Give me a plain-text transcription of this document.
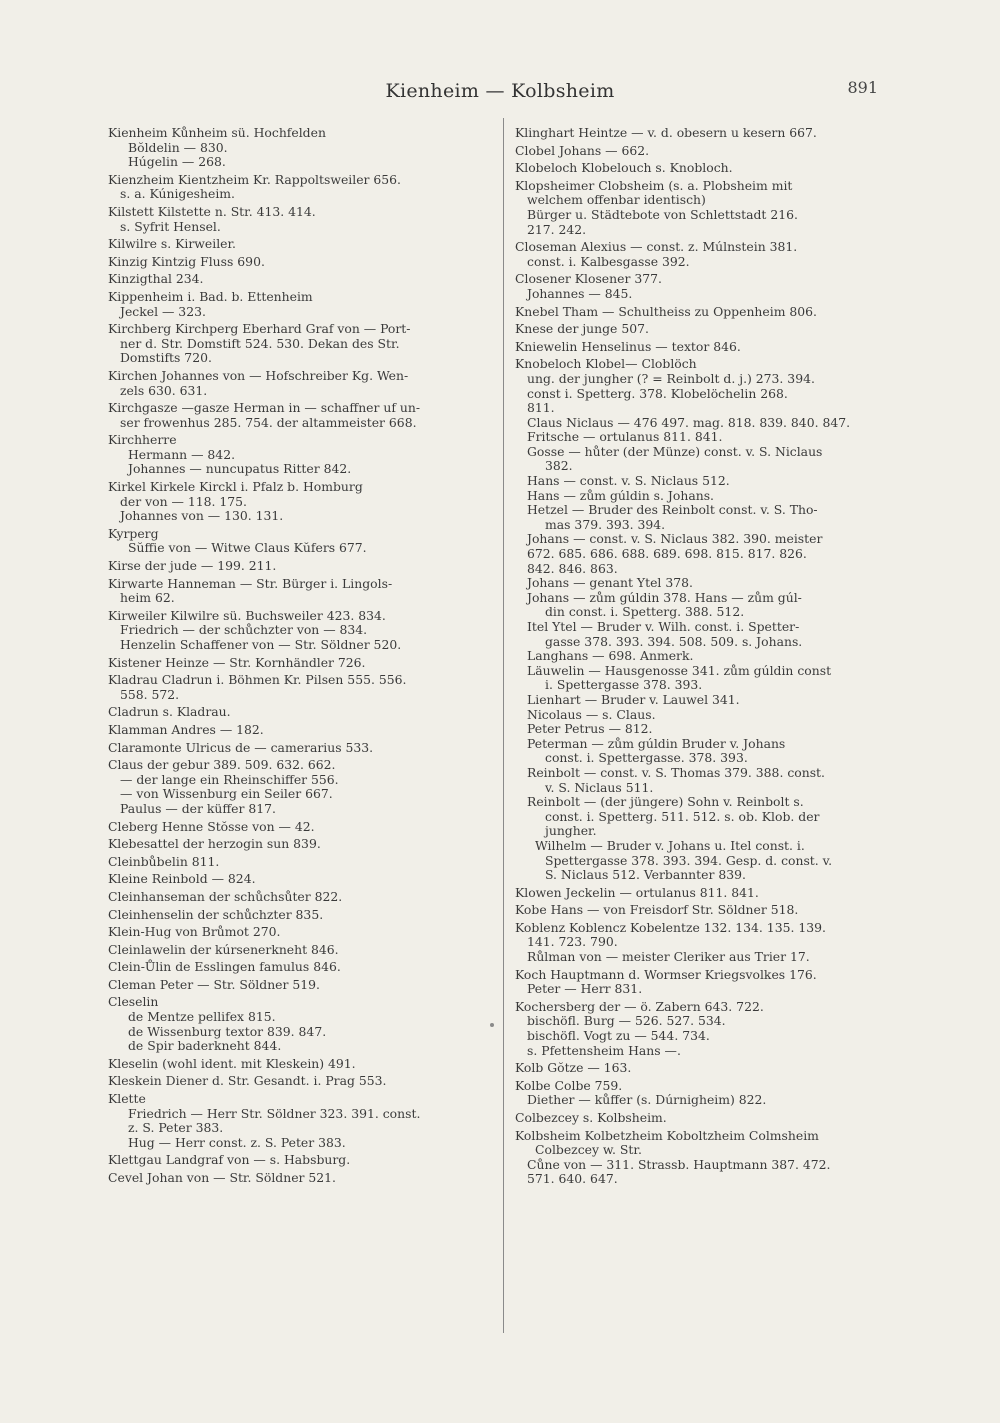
Kienheim — Kolbsheim	891
Kienheim Kůnheim sü. Hochfelden
Bŏldelin — 830.
Húgelin — 268.
Kienzheim Kientzheim Kr. Rappoltsweiler 656.
s. a. Kúnigesheim.
Kilstett Kilstette n. Str. 413. 414.
s. Syfrit Hensel.
Kilwilre s. Kirweiler.
Kinzig Kintzig Fluss 690.
Kinzigthal 234.
Kippenheim i. Bad. b. Ettenheim
Jeckel — 323.
Kirchberg Kirchperg Eberhard Graf von — Port-
ner d. Str. Domstift 524. 530. Dekan des Str.
Domstifts 720.
Kirchen Johannes von — Hofschreiber Kg. Wen-
zels 630. 631.
Kirchgasze —gasze Herman in — schaffner uf un-
ser frowenhus 285. 754. der altammeister 668.
Kirchherre
Hermann — 842.
Johannes — nuncupatus Ritter 842.
Kirkel Kirkele Kirckl i. Pfalz b. Homburg
der von — 118. 175.
Johannes von — 130. 131.
Kyrperg
Sŭffie von — Witwe Claus Kŭfers 677.
Kirse der jude — 199. 211.
Kirwarte Hanneman — Str. Bürger i. Lingols-
heim 62.
Kirweiler Kilwilre sü. Buchsweiler 423. 834.
Friedrich — der schůchzter von — 834.
Henzelin Schaffener von — Str. Söldner 520.
Kistener Heinze — Str. Kornhändler 726.
Kladrau Cladrun i. Böhmen Kr. Pilsen 555. 556.
558. 572.
Cladrun s. Kladrau.
Klamman Andres — 182.
Claramonte Ulricus de — camerarius 533.
Claus der gebur 389. 509. 632. 662.
— der lange ein Rheinschiffer 556.
— von Wissenburg ein Seiler 667.
Paulus — der küffer 817.
Cleberg Henne Stŏsse von — 42.
Klebesattel der herzogin sun 839.
Cleinbůbelin 811.
Kleine Reinbold — 824.
Cleinhanseman der schůchsůter 822.
Cleinhenselin der schůchzter 835.
Klein-Hug von Brůmot 270.
Cleinlawelin der kúrsenerkneht 846.
Clein-Ůlin de Esslingen famulus 846.
Cleman Peter — Str. Söldner 519.
Cleselin
de Mentze pellifex 815.
de Wissenburg textor 839. 847.
de Spir baderkneht 844.
Kleselin (wohl ident. mit Kleskein) 491.
Kleskein Diener d. Str. Gesandt. i. Prag 553.
Klette
Friedrich — Herr Str. Söldner 323. 391. const.
z. S. Peter 383.
Hug — Herr const. z. S. Peter 383.
Klettgau Landgraf von — s. Habsburg.
Cevel Johan von — Str. Söldner 521.
Klinghart Heintze — v. d. obesern u kesern 667.
Clobel Johans — 662.
Klobeloch Klobelouch s. Knobloch.
Klopsheimer Clobsheim (s. a. Plobsheim mit
welchem offenbar identisch)
Bürger u. Städtebote von Schlettstadt 216.
217. 242.
Closeman Alexius — const. z. Múlnstein 381.
const. i. Kalbesgasse 392.
Closener Klosener 377.
Johannes — 845.
Knebel Tham — Schultheiss zu Oppenheim 806.
Knese der junge 507.
Kniewelin Henselinus — textor 846.
Knobeloch Klobel— Cloblöch
ung. der jungher (? = Reinbolt d. j.) 273. 394.
const i. Spetterg. 378. Klobelöchelin 268.
811.
Claus Niclaus — 476 497. mag. 818. 839. 840. 847.
Fritsche — ortulanus 811. 841.
Gosse — hůter (der Münze) const. v. S. Niclaus
382.
Hans — const. v. S. Niclaus 512.
Hans — zům gúldin s. Johans.
Hetzel — Bruder des Reinbolt const. v. S. Tho-
mas 379. 393. 394.
Johans — const. v. S. Niclaus 382. 390. meister
672. 685. 686. 688. 689. 698. 815. 817. 826.
842. 846. 863.
Johans — genant Ytel 378.
Johans — zům gúldin 378. Hans — zům gúl-
din const. i. Spetterg. 388. 512.
Itel Ytel — Bruder v. Wilh. const. i. Spetter-
gasse 378. 393. 394. 508. 509. s. Johans.
Langhans — 698. Anmerk.
Läuwelin — Hausgenosse 341. zům gúldin const
i. Spettergasse 378. 393.
Lienhart — Bruder v. Lauwel 341.
Nicolaus — s. Claus.
Peter Petrus — 812.
Peterman — zům gúldin Bruder v. Johans
const. i. Spettergasse. 378. 393.
Reinbolt — const. v. S. Thomas 379. 388. const.
v. S. Niclaus 511.
Reinbolt — (der jüngere) Sohn v. Reinbolt s.
const. i. Spetterg. 511. 512. s. ob. Klob. der
jungher.
Wilhelm — Bruder v. Johans u. Itel const. i.
Spettergasse 378. 393. 394. Gesp. d. const. v.
S. Niclaus 512. Verbannter 839.
Klowen Jeckelin — ortulanus 811. 841.
Kobe Hans — von Freisdorf Str. Söldner 518.
Koblenz Koblencz Kobelentze 132. 134. 135. 139.
141. 723. 790.
Růlman von — meister Cleriker aus Trier 17.
Koch Hauptmann d. Wormser Kriegsvolkes 176.
Peter — Herr 831.
Kochersberg der — ö. Zabern 643. 722.
bischöfl. Burg — 526. 527. 534.
bischöfl. Vogt zu — 544. 734.
s. Pfettensheim Hans —.
Kolb Gŏtze — 163.
Kolbe Colbe 759.
Diether — kůffer (s. Dúrnigheim) 822.
Colbezcey s. Kolbsheim.
Kolbsheim Kolbetzheim Koboltzheim Colmsheim
Colbezcey w. Str.
Cůne von — 311. Strassb. Hauptmann 387. 472.
571. 640. 647.
